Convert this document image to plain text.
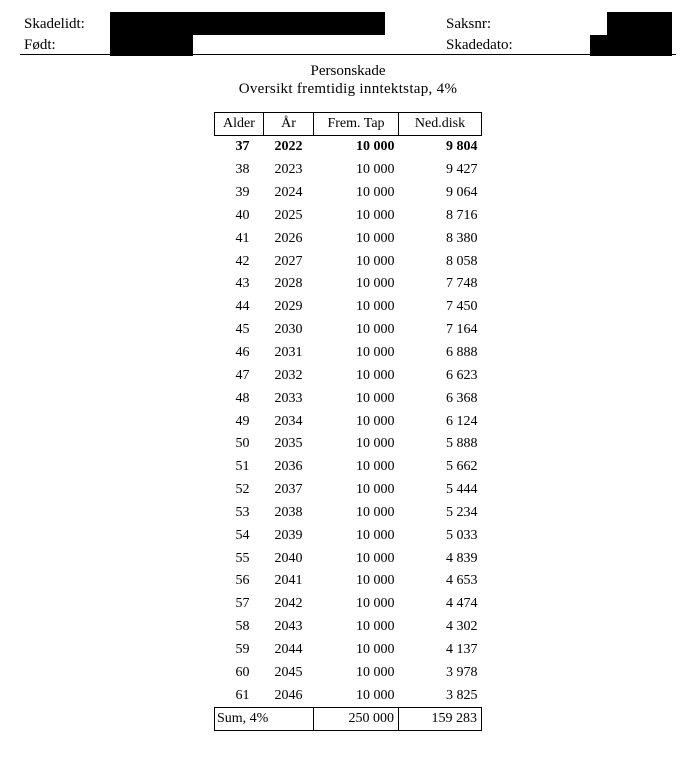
Skadelidt:
Født:
Saksnr:
Skadedato:
Personskade
Oversikt fremtidig inntektstap, 4%
Alder	År	Frem. Tap	Ned.disk
37	2022	10 000	9 804
38	2023	10 000	9 427
39	2024	10 000	9 064
40	2025	10 000	8 716
41	2026	10 000	8 380
42	2027	10 000	8 058
43	2028	10 000	7 748
44	2029	10 000	7 450
45	2030	10 000	7 164
46	2031	10 000	6 888
47	2032	10 000	6 623
48	2033	10 000	6 368
49	2034	10 000	6 124
50	2035	10 000	5 888
51	2036	10 000	5 662
52	2037	10 000	5 444
53	2038	10 000	5 234
54	2039	10 000	5 033
55	2040	10 000	4 839
56	2041	10 000	4 653
57	2042	10 000	4 474
58	2043	10 000	4 302
59	2044	10 000	4 137
60	2045	10 000	3 978
61	2046	10 000	3 825
Sum, 4%		250 000	159 283
